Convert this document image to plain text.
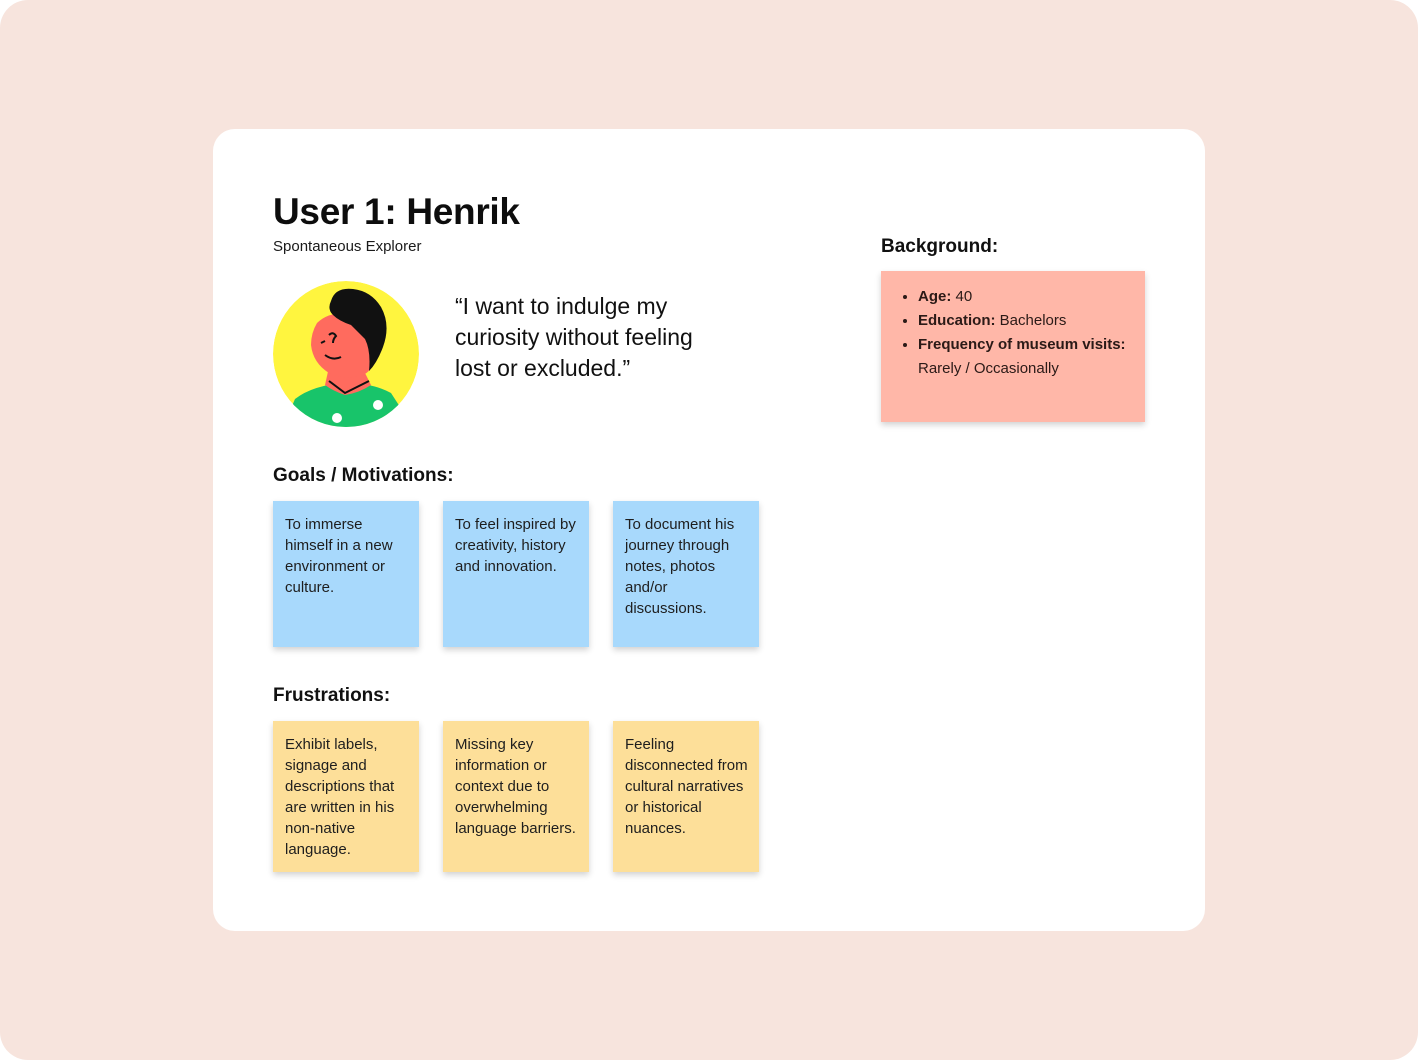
User 1: Henrik
Spontaneous Explorer
“I want to indulge my curiosity without feeling lost or excluded.”
Goals / Motivations:
To immerse himself in a new environment or culture.
To feel inspired by creativity, history and innovation.
To document his journey through notes, photos and/or discussions.
Frustrations:
Exhibit labels, signage and descriptions that are written in his non-native language.
Missing key information or context due to overwhelming language barriers.
Feeling disconnected from cultural narratives or historical nuances.
Background:
• Age: 40
• Education: Bachelors
• Frequency of museum visits: Rarely / Occasionally
